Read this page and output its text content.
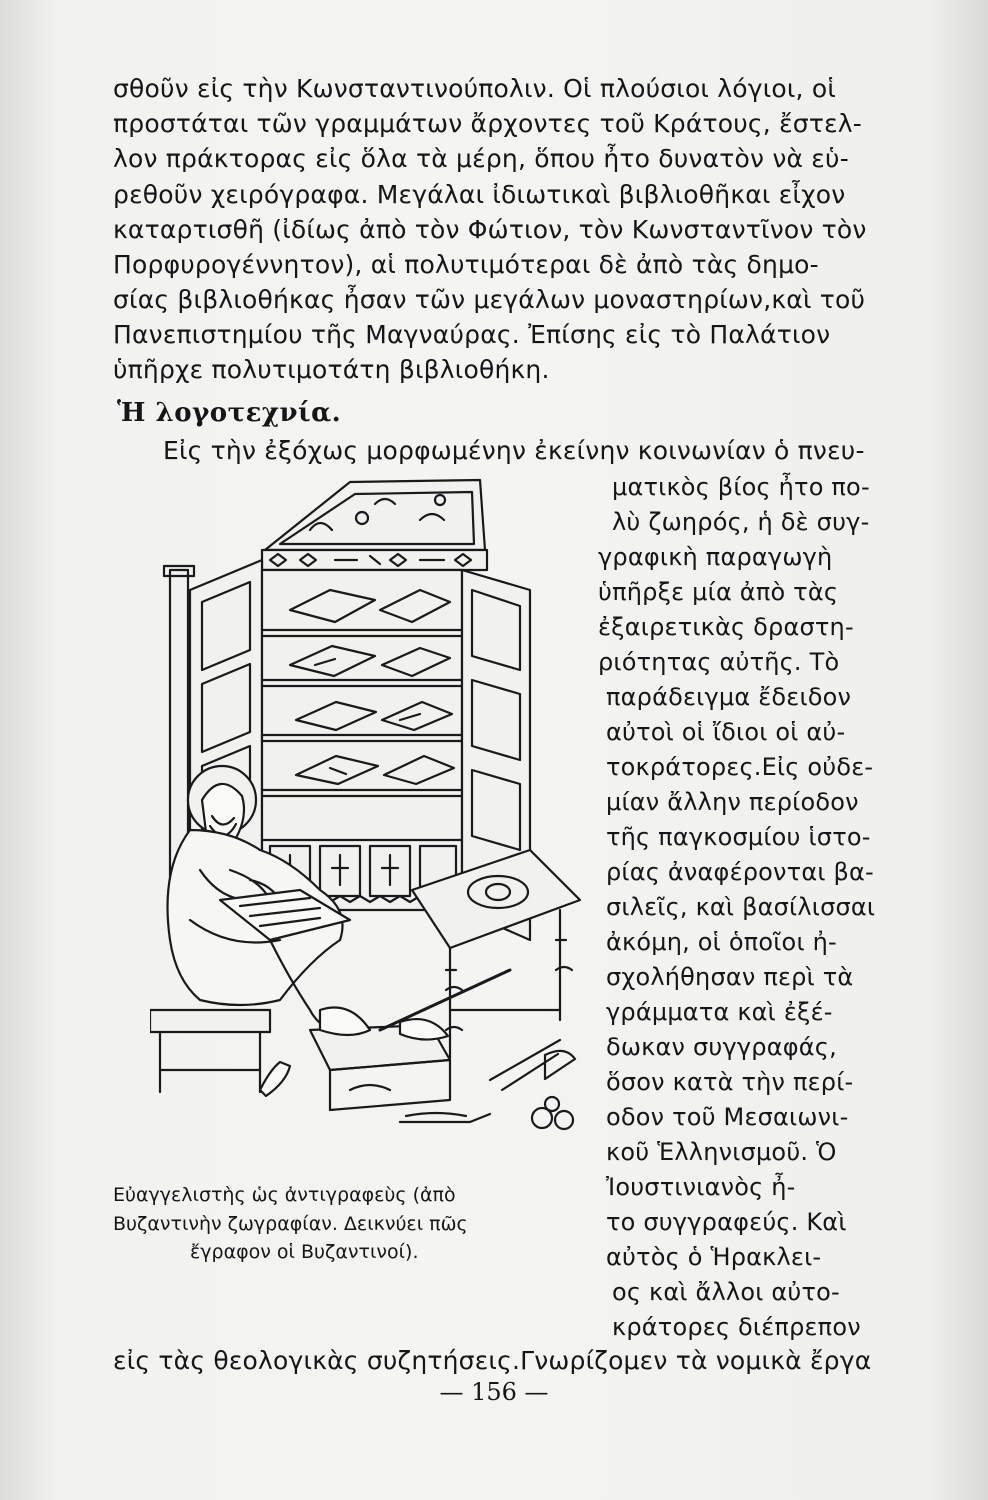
σθοῦν εἰς τὴν Κωνσταντινούπολιν. Οἱ πλούσιοι λόγιοι, οἱ
προστάται τῶν γραμμάτων ἄρχοντες τοῦ Κράτους, ἔστελ-
λον πράκτορας εἰς ὅλα τὰ μέρη, ὅπου ἦτο δυνατὸν νὰ εὑ-
ρεθοῦν χειρόγραφα. Μεγάλαι ἰδιωτικαὶ βιβλιοθῆκαι εἶχον
καταρτισθῆ (ἰδίως ἀπὸ τὸν Φώτιον, τὸν Κωνσταντῖνον τὸν
Πορφυρογέννητον), αἱ πολυτιμότεραι δὲ ἀπὸ τὰς δημο-
σίας βιβλιοθήκας ἦσαν τῶν μεγάλων μοναστηρίων,καὶ τοῦ
Πανεπιστημίου τῆς Μαγναύρας. Ἐπίσης εἰς τὸ Παλάτιον
ὑπῆρχε πολυτιμοτάτη βιβλιοθήκη.
Ἡ λογοτεχνία.
Εἰς τὴν ἐξόχως μορφωμένην ἐκείνην κοινωνίαν ὁ πνευ-
ματικὸς βίος ἦτο πο-
λὺ ζωηρός, ἡ δὲ συγ-
γραφικὴ παραγωγὴ
ὑπῆρξε μία ἀπὸ τὰς
ἐξαιρετικὰς δραστη-
ριότητας αὐτῆς. Τὸ
παράδειγμα ἔδειδον
αὐτοὶ οἱ ἴδιοι οἱ αὐ-
τοκράτορες.Εἰς οὐδε-
μίαν ἄλλην περίοδον
τῆς παγκοσμίου ἱστο-
ρίας ἀναφέρονται βα-
σιλεῖς, καὶ βασίλισσαι
ἀκόμη, οἱ ὁποῖοι ἠ-
σχολήθησαν περὶ τὰ
γράμματα καὶ ἐξέ-
δωκαν συγγραφάς,
ὅσον κατὰ τὴν περί-
οδον τοῦ Μεσαιωνι-
κοῦ Ἑλληνισμοῦ. Ὁ
Ἰουστινιανὸς ἦ-
το συγγραφεύς. Καὶ
αὐτὸς ὁ Ἡρακλει-
ος καὶ ἄλλοι αὐτο-
κράτορες διέπρεπον
Εὐαγγελιστὴς ὡς ἀντιγραφεὺς (ἀπὸ
Βυζαντινὴν ζωγραφίαν. Δεικνύει πῶς
ἔγραφον οἱ Βυζαντινοί).
εἰς τὰς θεολογικὰς συζητήσεις.Γνωρίζομεν τὰ νομικὰ ἔργα
— 156 —
